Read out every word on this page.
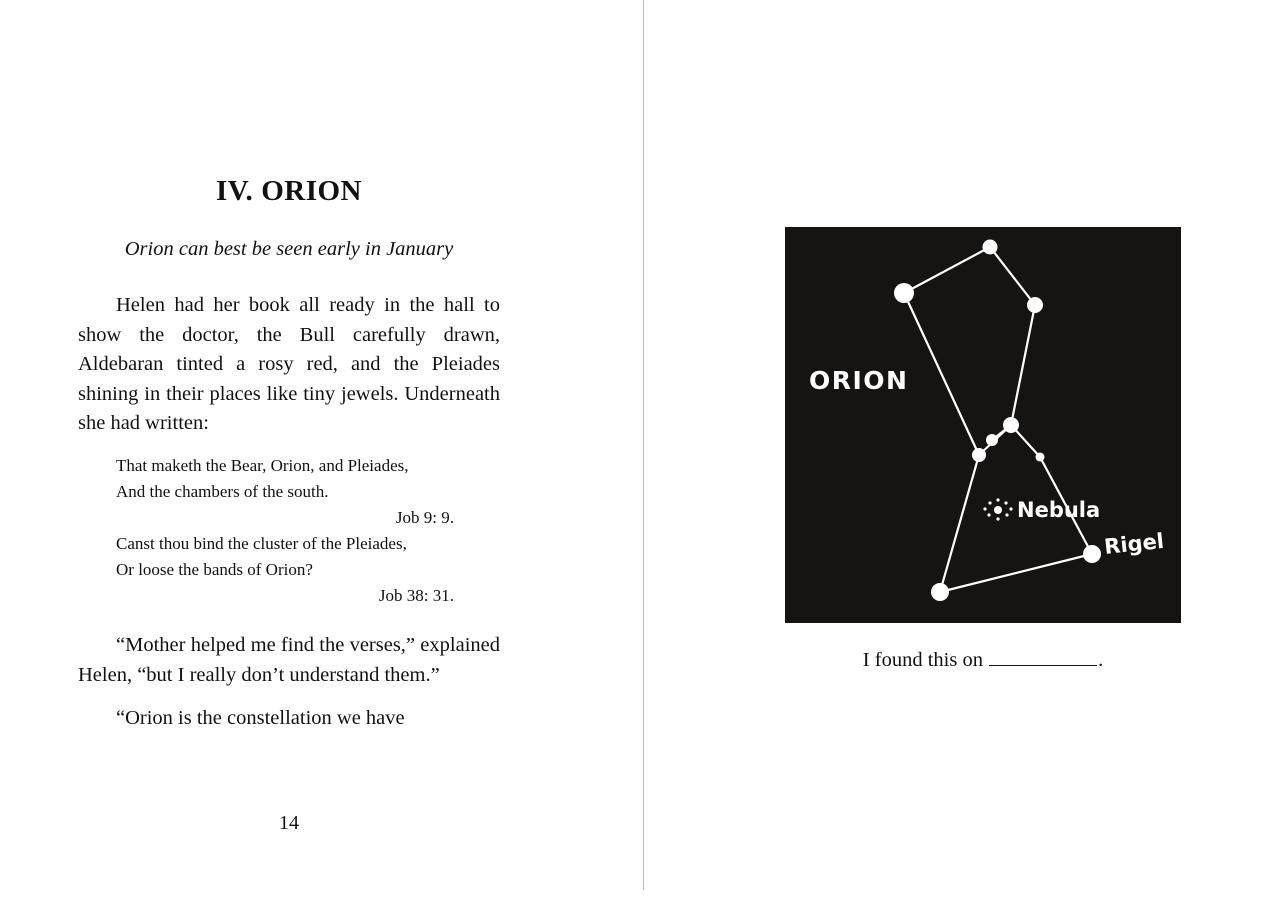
IV. ORION
Orion can best be seen early in January

Helen had her book all ready in the hall to show the doctor, the Bull carefully drawn, Aldebaran tinted a rosy red, and the Pleiades shining in their places like tiny jewels. Underneath she had written:

That maketh the Bear, Orion, and Pleiades,
And the chambers of the south.
Job 9: 9.
Canst thou bind the cluster of the Pleiades,
Or loose the bands of Orion?
Job 38: 31.

“Mother helped me find the verses,” explained Helen, “but I really don’t understand them.”

“Orion is the constellation we have

14
ORION
Nebula
Rigel
I found this on	.
